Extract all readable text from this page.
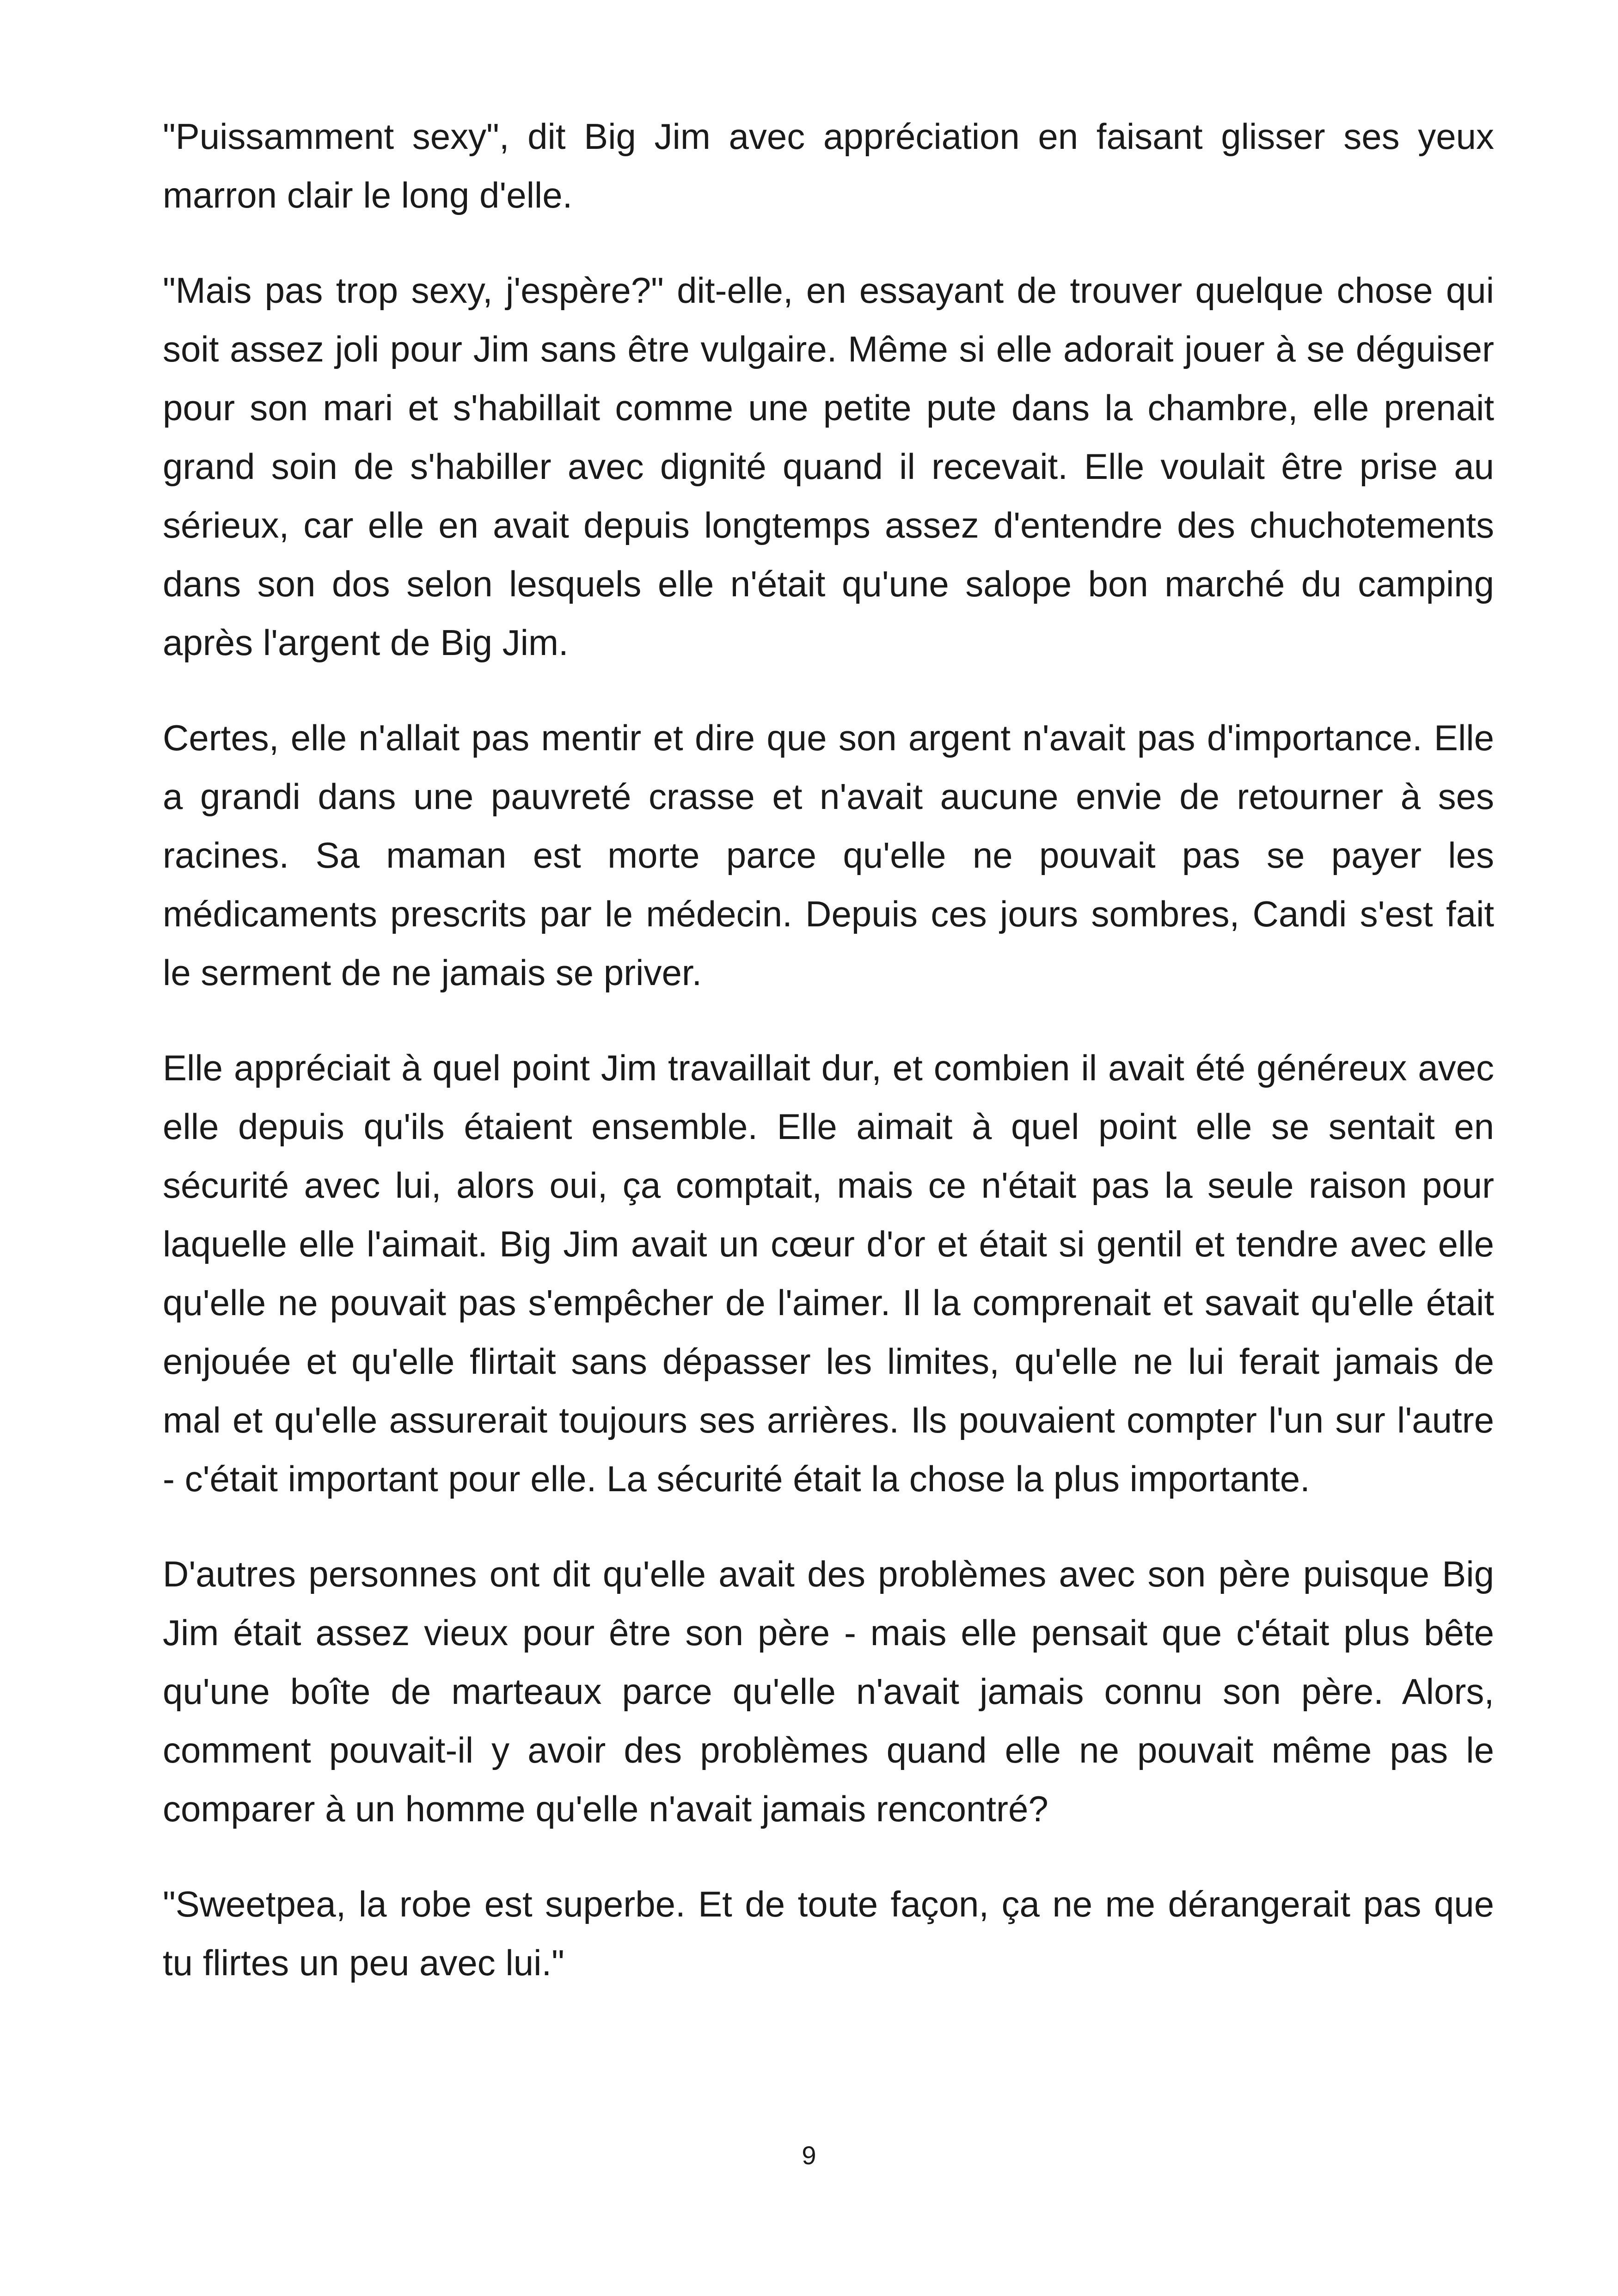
"Puissamment sexy", dit Big Jim avec appréciation en faisant glisser ses yeux marron clair le long d'elle.

"Mais pas trop sexy, j'espère?" dit-elle, en essayant de trouver quelque chose qui soit assez joli pour Jim sans être vulgaire. Même si elle adorait jouer à se déguiser pour son mari et s'habillait comme une petite pute dans la chambre, elle prenait grand soin de s'habiller avec dignité quand il recevait. Elle voulait être prise au sérieux, car elle en avait depuis longtemps assez d'entendre des chuchotements dans son dos selon lesquels elle n'était qu'une salope bon marché du camping après l'argent de Big Jim.

Certes, elle n'allait pas mentir et dire que son argent n'avait pas d'importance. Elle a grandi dans une pauvreté crasse et n'avait aucune envie de retourner à ses racines. Sa maman est morte parce qu'elle ne pouvait pas se payer les médicaments prescrits par le médecin. Depuis ces jours sombres, Candi s'est fait le serment de ne jamais se priver.

Elle appréciait à quel point Jim travaillait dur, et combien il avait été généreux avec elle depuis qu'ils étaient ensemble. Elle aimait à quel point elle se sentait en sécurité avec lui, alors oui, ça comptait, mais ce n'était pas la seule raison pour laquelle elle l'aimait. Big Jim avait un cœur d'or et était si gentil et tendre avec elle qu'elle ne pouvait pas s'empêcher de l'aimer. Il la comprenait et savait qu'elle était enjouée et qu'elle flirtait sans dépasser les limites, qu'elle ne lui ferait jamais de mal et qu'elle assurerait toujours ses arrières. Ils pouvaient compter l'un sur l'autre - c'était important pour elle. La sécurité était la chose la plus importante.

D'autres personnes ont dit qu'elle avait des problèmes avec son père puisque Big Jim était assez vieux pour être son père - mais elle pensait que c'était plus bête qu'une boîte de marteaux parce qu'elle n'avait jamais connu son père. Alors, comment pouvait-il y avoir des problèmes quand elle ne pouvait même pas le comparer à un homme qu'elle n'avait jamais rencontré?

"Sweetpea, la robe est superbe. Et de toute façon, ça ne me dérangerait pas que tu flirtes un peu avec lui."

9
